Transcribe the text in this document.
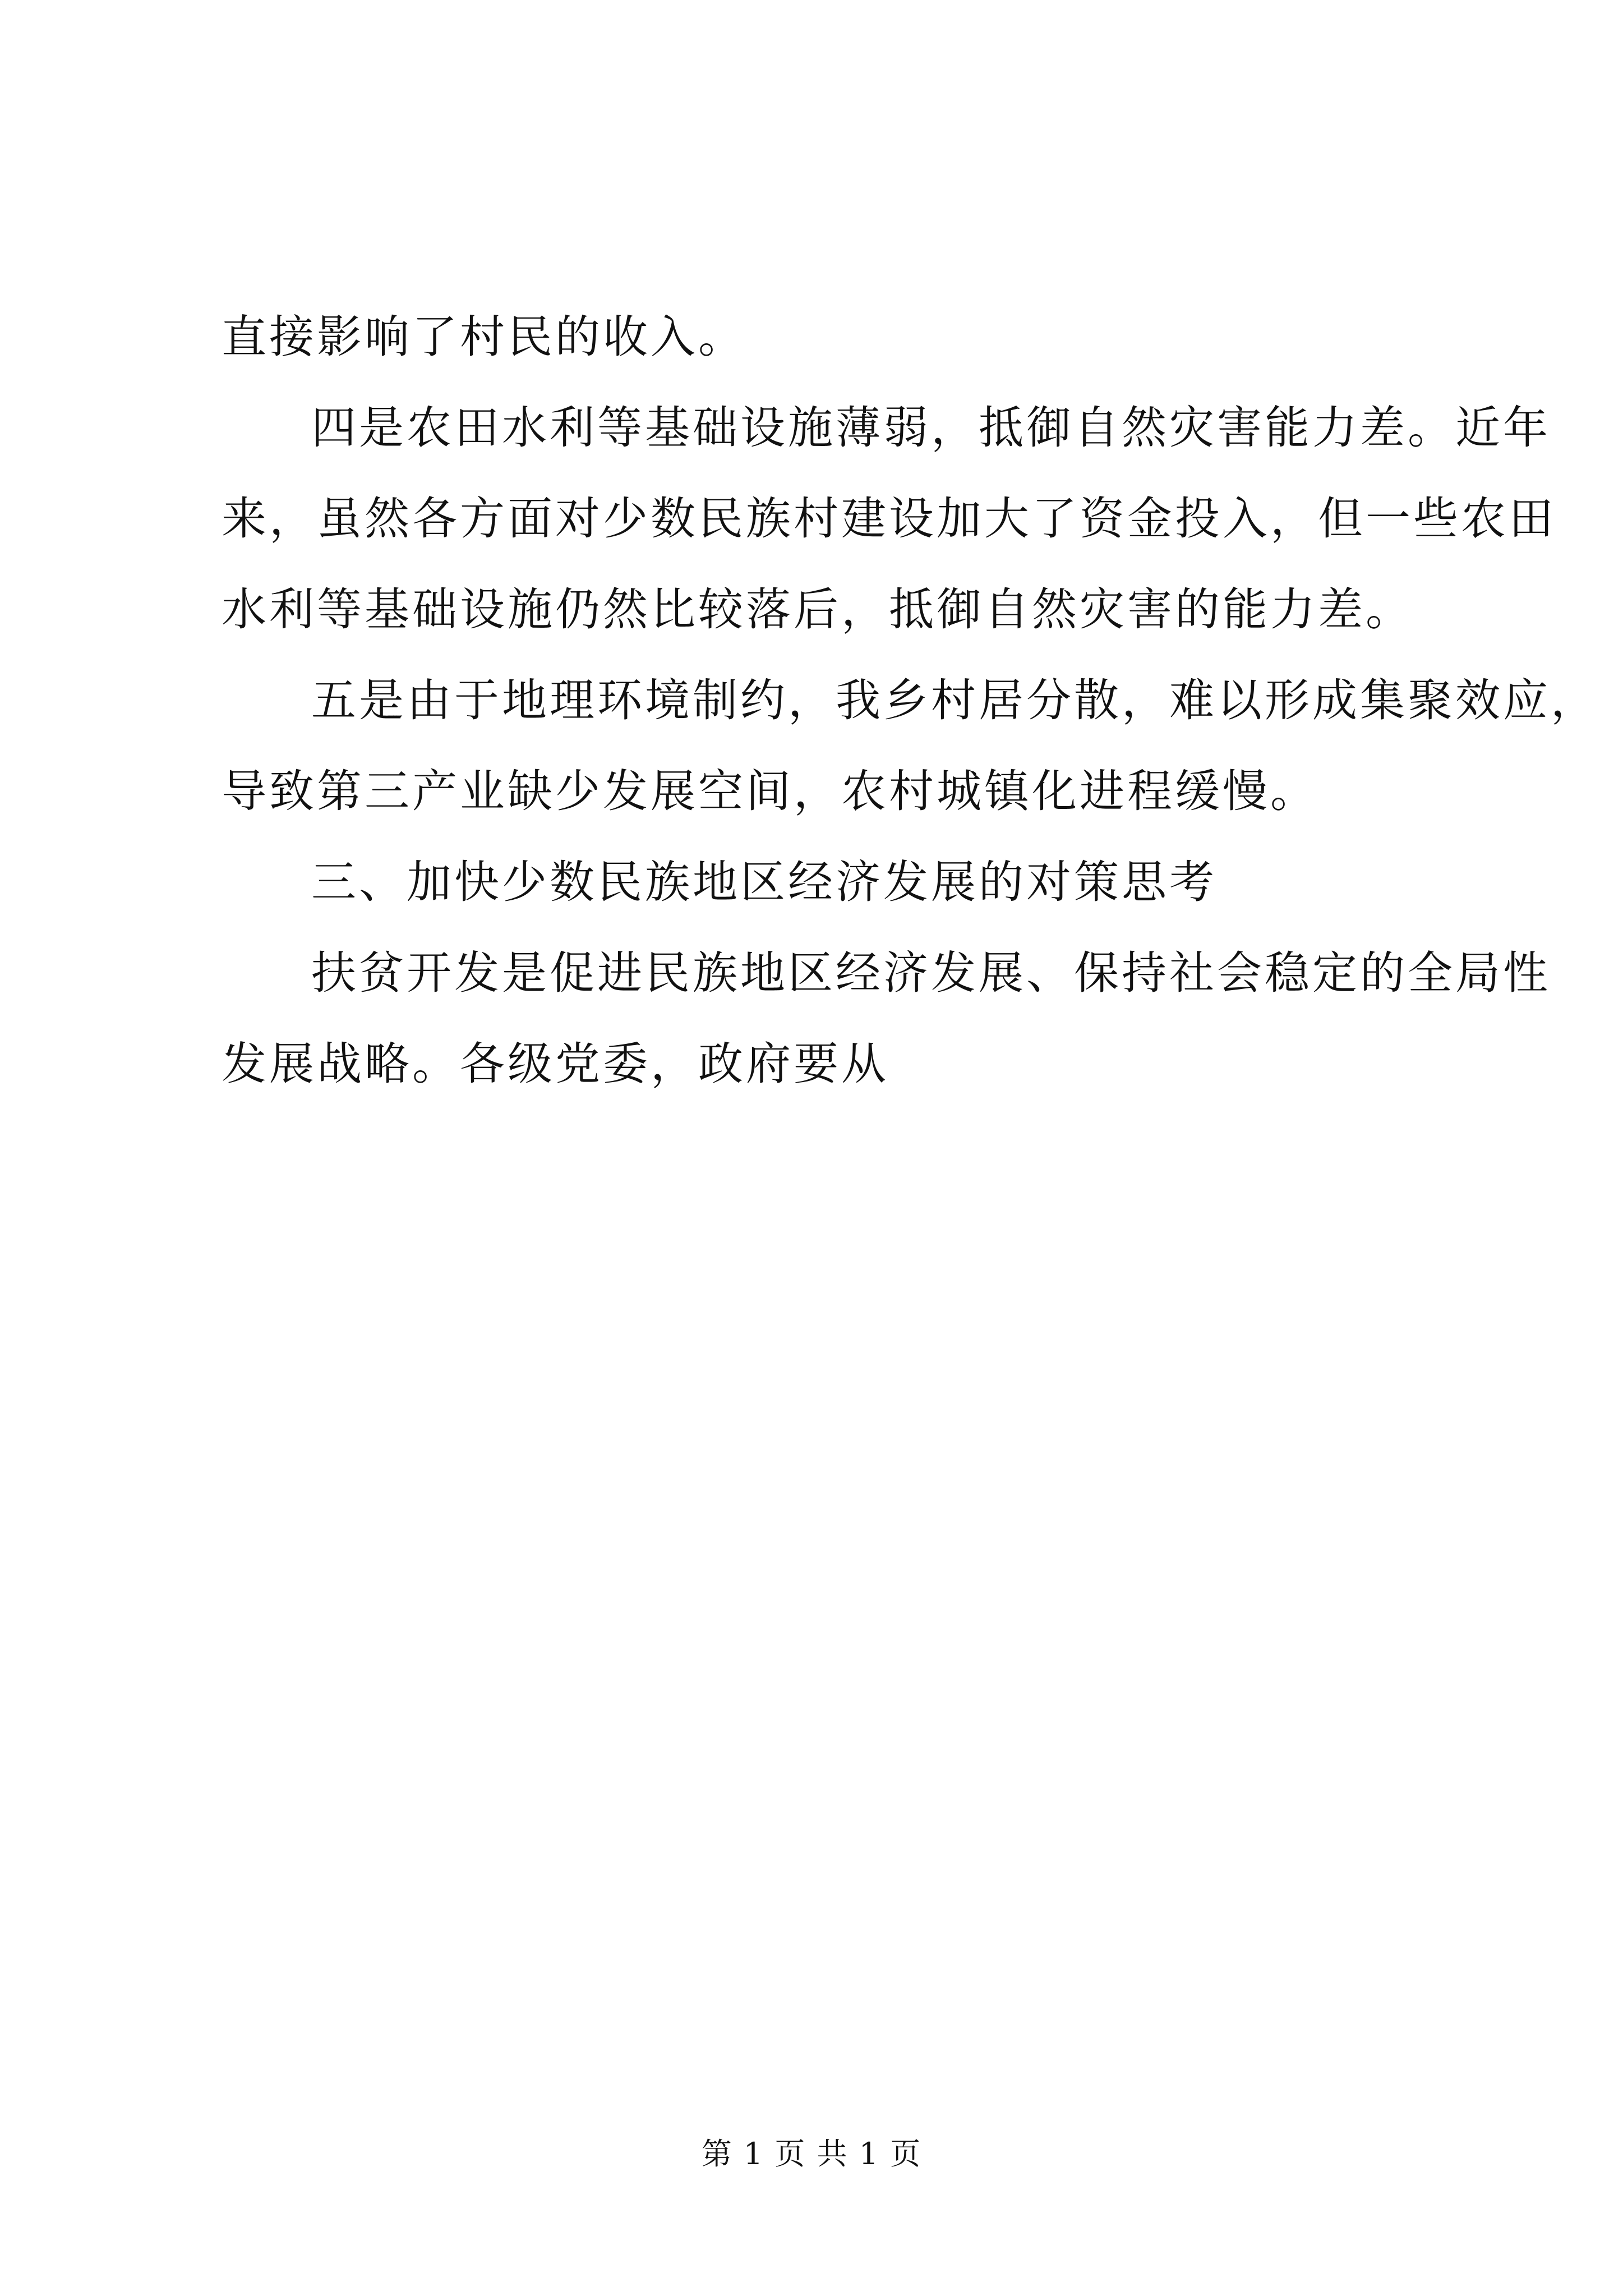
直接影响了村民的收入。
四是农田水利等基础设施薄弱，抵御自然灾害能力差。近年
来，虽然各方面对少数民族村建设加大了资金投入，但一些农田
水利等基础设施仍然比较落后，抵御自然灾害的能力差。
五是由于地理环境制约，我乡村居分散，难以形成集聚效应，
导致第三产业缺少发展空间，农村城镇化进程缓慢。
三、加快少数民族地区经济发展的对策思考
扶贫开发是促进民族地区经济发展、保持社会稳定的全局性
发展战略。各级党委，政府要从
第 1 页 共 1 页
